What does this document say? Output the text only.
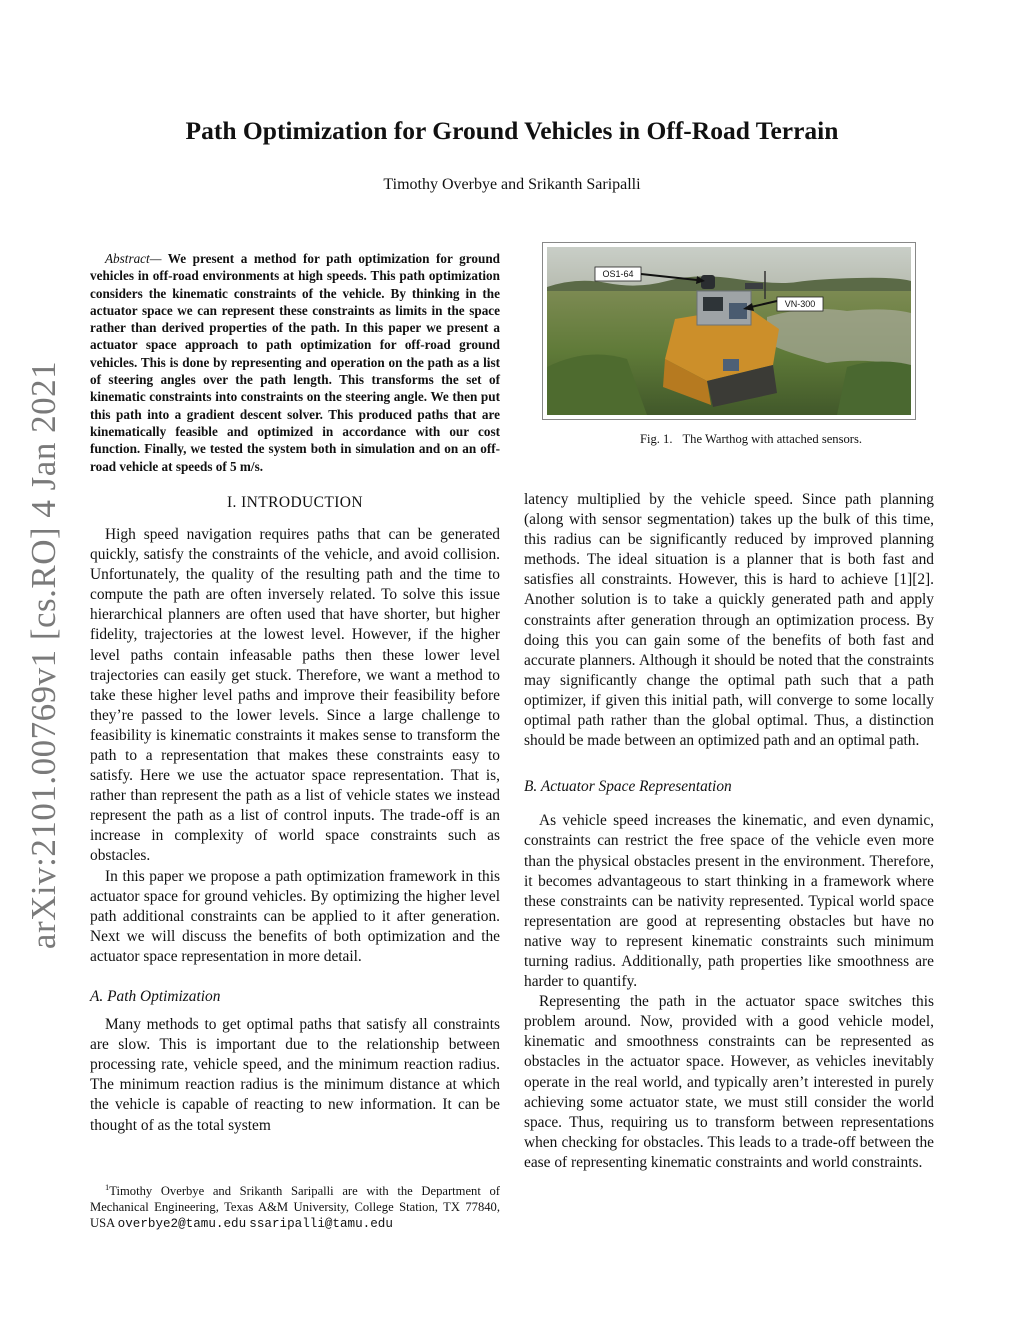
arXiv:2101.00769v1 [cs.RO] 4 Jan 2021
Path Optimization for Ground Vehicles in Off-Road Terrain
Timothy Overbye and Srikanth Saripalli

Abstract— We present a method for path optimization for ground vehicles in off-road environments at high speeds. This path optimization considers the kinematic constraints of the vehicle. By thinking in the actuator space we can represent these constraints as limits in the space rather than derived properties of the path. In this paper we present a actuator space approach to path optimization for off-road ground vehicles. This is done by representing and operation on the path as a list of steering angles over the path length. This transforms the set of kinematic constraints into constraints on the steering angle. We then put this path into a gradient descent solver. This produced paths that are kinematically feasible and optimized in accordance with our cost function. Finally, we tested the system both in simulation and on an off-road vehicle at speeds of 5 m/s.

I. INTRODUCTION

High speed navigation requires paths that can be generated quickly, satisfy the constraints of the vehicle, and avoid collision. Unfortunately, the quality of the resulting path and the time to compute the path are often inversely related. To solve this issue hierarchical planners are often used that have shorter, but higher fidelity, trajectories at the lowest level. However, if the higher level paths contain infeasable paths then these lower level trajectories can easily get stuck. Therefore, we want a method to take these higher level paths and improve their feasibility before they’re passed to the lower levels. Since a large challenge to feasibility is kinematic constraints it makes sense to transform the path to a representation that makes these constraints easy to satisfy. Here we use the actuator space representation. That is, rather than represent the path as a list of vehicle states we instead represent the path as a list of control inputs. The trade-off is an increase in complexity of world space constraints such as obstacles.

In this paper we propose a path optimization framework in this actuator space for ground vehicles. By optimizing the higher level path additional constraints can be applied to it after generation. Next we will discuss the benefits of both optimization and the actuator space representation in more detail.

A. Path Optimization

Many methods to get optimal paths that satisfy all constraints are slow. This is important due to the relationship between processing rate, vehicle speed, and the minimum reaction radius. The minimum reaction radius is the minimum distance at which the vehicle is capable of reacting to new information. It can be thought of as the total system

$^1$Timothy Overbye and Srikanth Saripalli are with the Department of Mechanical Engineering, Texas A&M University, College Station, TX 77840, USA overbye2@tamu.edu ssaripalli@tamu.edu
OS1-64
VN-300
Fig. 1. The Warthog with attached sensors.

latency multiplied by the vehicle speed. Since path planning (along with sensor segmentation) takes up the bulk of this time, this radius can be significantly reduced by improved planning methods. The ideal situation is a planner that is both fast and satisfies all constraints. However, this is hard to achieve [1][2]. Another solution is to take a quickly generated path and apply constraints after generation through an optimization process. By doing this you can gain some of the benefits of both fast and accurate planners. Although it should be noted that the constraints may significantly change the optimal path such that a path optimizer, if given this initial path, will converge to some locally optimal path rather than the global optimal. Thus, a distinction should be made between an optimized path and an optimal path.

B. Actuator Space Representation

As vehicle speed increases the kinematic, and even dynamic, constraints can restrict the free space of the vehicle even more than the physical obstacles present in the environment. Therefore, it becomes advantageous to start thinking in a framework where these constraints can be nativity represented. Typical world space representation are good at representing obstacles but have no native way to represent kinematic constraints such minimum turning radius. Additionally, path properties like smoothness are harder to quantify.

Representing the path in the actuator space switches this problem around. Now, provided with a good vehicle model, kinematic and smoothness constraints can be represented as obstacles in the actuator space. However, as vehicles inevitably operate in the real world, and typically aren’t interested in purely achieving some actuator state, we must still consider the world space. Thus, requiring us to transform between representations when checking for obstacles. This leads to a trade-off between the ease of representing kinematic constraints and world constraints.
